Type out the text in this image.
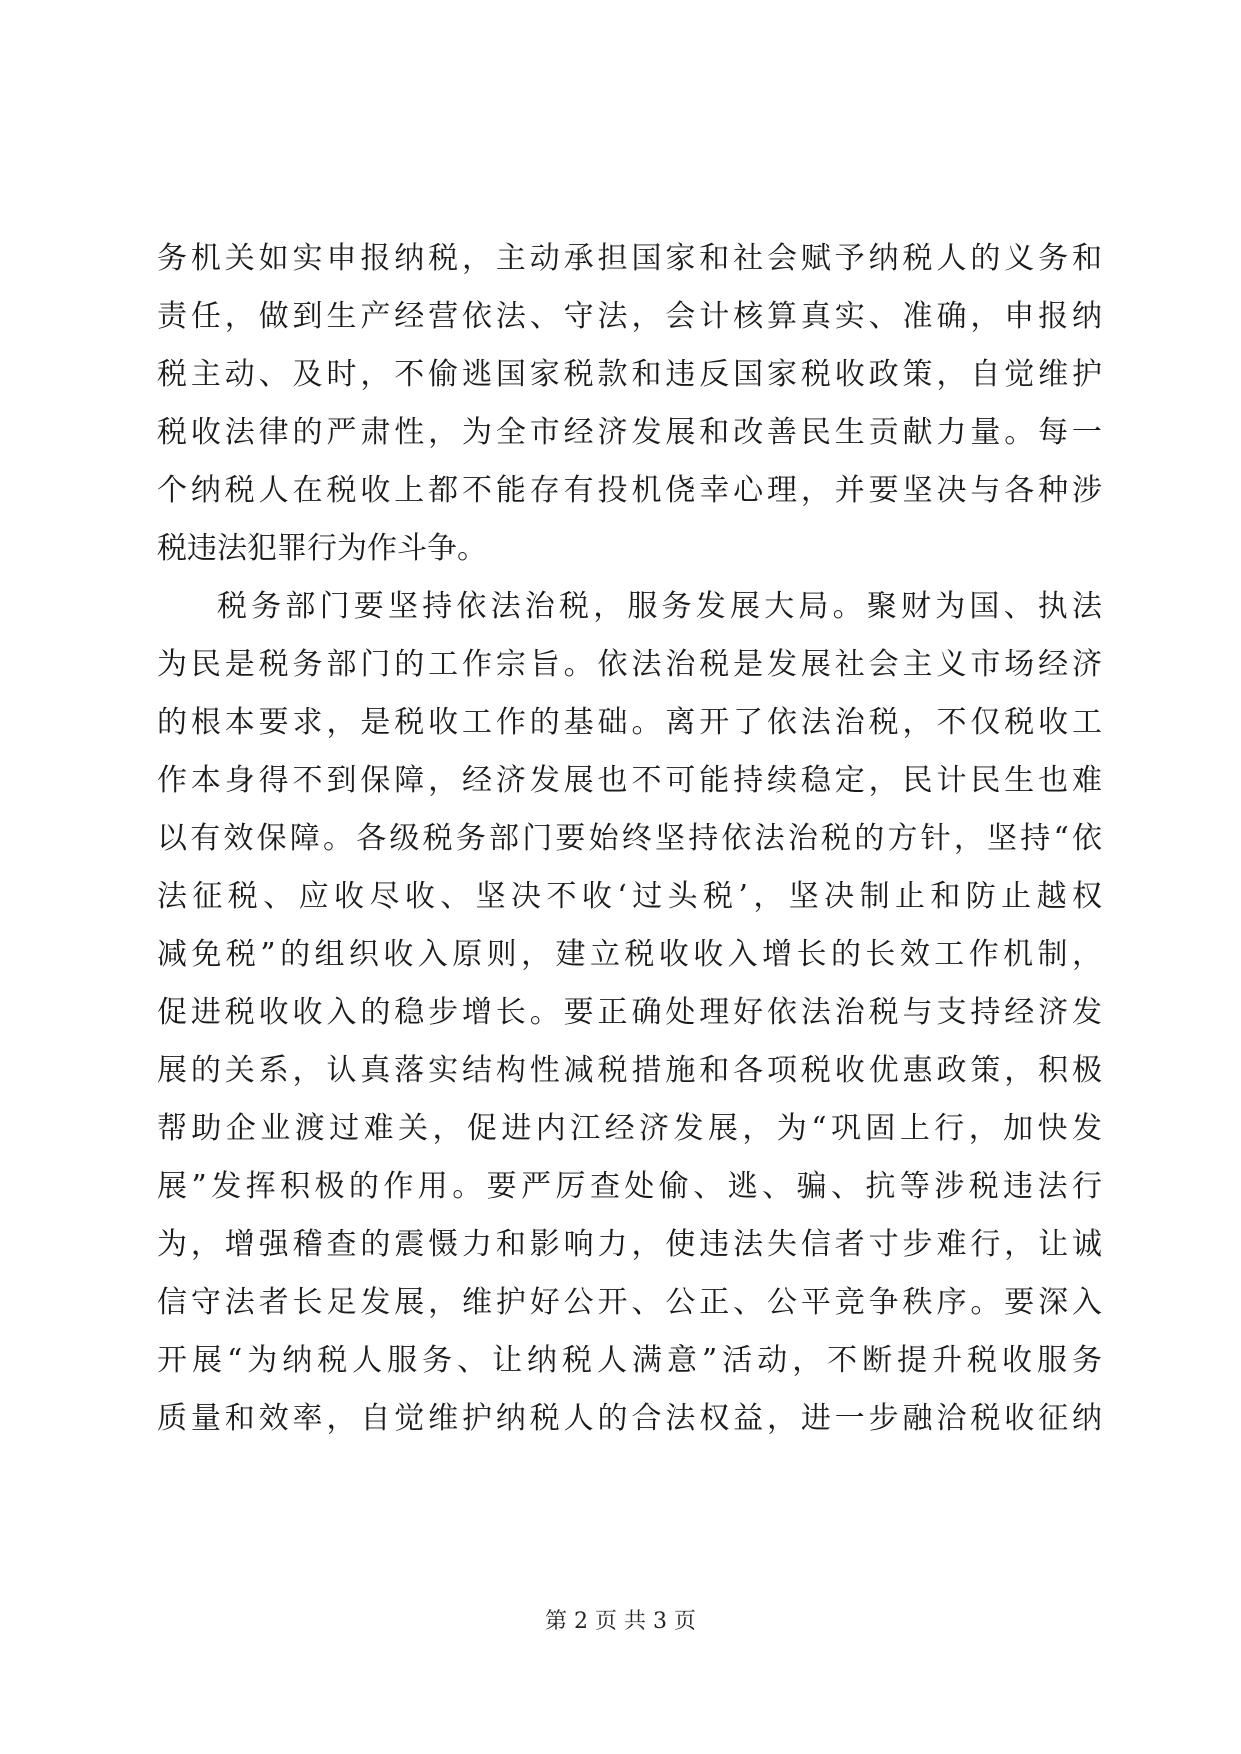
务机关如实申报纳税，主动承担国家和社会赋予纳税人的义务和
责任，做到生产经营依法、守法，会计核算真实、准确，申报纳
税主动、及时，不偷逃国家税款和违反国家税收政策，自觉维护
税收法律的严肃性，为全市经济发展和改善民生贡献力量。每一
个纳税人在税收上都不能存有投机侥幸心理，并要坚决与各种涉
税违法犯罪行为作斗争。
税务部门要坚持依法治税，服务发展大局。聚财为国、执法
为民是税务部门的工作宗旨。依法治税是发展社会主义市场经济
的根本要求，是税收工作的基础。离开了依法治税，不仅税收工
作本身得不到保障，经济发展也不可能持续稳定，民计民生也难
以有效保障。各级税务部门要始终坚持依法治税的方针，坚持“依
法征税、应收尽收、坚决不收‘过头税’，坚决制止和防止越权
减免税”的组织收入原则，建立税收收入增长的长效工作机制，
促进税收收入的稳步增长。要正确处理好依法治税与支持经济发
展的关系，认真落实结构性减税措施和各项税收优惠政策，积极
帮助企业渡过难关，促进内江经济发展，为“巩固上行，加快发
展”发挥积极的作用。要严厉查处偷、逃、骗、抗等涉税违法行
为，增强稽查的震慑力和影响力，使违法失信者寸步难行，让诚
信守法者长足发展，维护好公开、公正、公平竞争秩序。要深入
开展“为纳税人服务、让纳税人满意”活动，不断提升税收服务
质量和效率，自觉维护纳税人的合法权益，进一步融洽税收征纳
第 2 页 共 3 页
